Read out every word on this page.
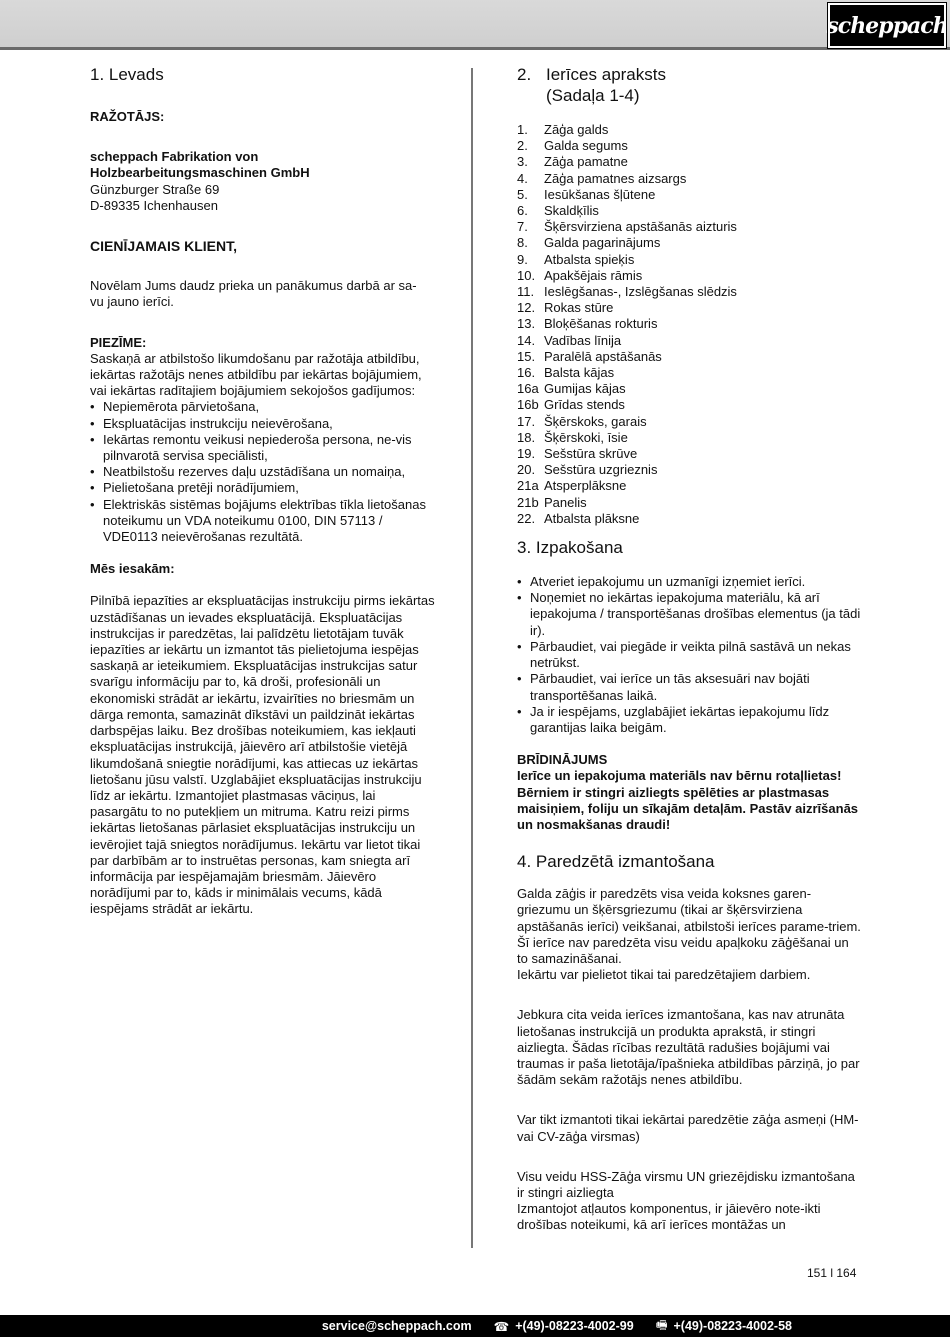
scheppach
1. Levads

RAŽOTĀJS:

scheppach Fabrikation von

Holzbearbeitungsmaschinen GmbH

Günzburger Straße 69

D-89335 Ichenhausen

CIENĪJAMAIS KLIENT,

Novēlam Jums daudz prieka un panākumus darbā ar sa-vu jauno ierīci.

PIEZĪME:

Saskaņā ar atbilstošo likumdošanu par ražotāja atbildību, iekārtas ražotājs nenes atbildību par iekārtas bojājumiem, vai iekārtas radītajiem bojājumiem sekojošos gadījumos:

• Nepiemērota pārvietošana,
• Ekspluatācijas instrukciju neievērošana,
• Iekārtas remontu veikusi nepiederoša persona, ne-vis pilnvarotā servisa speciālisti,
• Neatbilstošu rezerves daļu uzstādīšana un nomaiņa,
• Pielietošana pretēji norādījumiem,
• Elektriskās sistēmas bojājums elektrības tīkla lietošanas noteikumu un VDA noteikumu 0100, DIN 57113 / VDE0113 neievērošanas rezultātā.

Mēs iesakām:

Pilnībā iepazīties ar ekspluatācijas instrukciju pirms iekārtas uzstādīšanas un ievades ekspluatācijā. Ekspluatācijas instrukcijas ir paredzētas, lai palīdzētu lietotājam tuvāk iepazīties ar iekārtu un izmantot tās pielietojuma iespējas saskaņā ar ieteikumiem. Ekspluatācijas instrukcijas satur svarīgu informāciju par to, kā droši, profesionāli un ekonomiski strādāt ar iekārtu, izvairīties no briesmām un dārga remonta, samazināt dīkstāvi un paildzināt iekārtas darbspējas laiku. Bez drošības noteikumiem, kas iekļauti ekspluatācijas instrukcijā, jāievēro arī atbilstošie vietējā likumdošanā sniegtie norādījumi, kas attiecas uz iekārtas lietošanu jūsu valstī. Uzglabājiet ekspluatācijas instrukciju līdz ar iekārtu. Izmantojiet plastmasas vāciņus, lai pasargātu to no putekļiem un mitruma. Katru reizi pirms iekārtas lietošanas pārlasiet ekspluatācijas instrukciju un ievērojiet tajā sniegtos norādījumus. Iekārtu var lietot tikai par darbībām ar to instruētas personas, kam sniegta arī informācija par iespējamajām briesmām. Jāievēro norādījumi par to, kāds ir minimālais vecums, kādā iespējams strādāt ar iekārtu.

2. Ierīces apraksts
(Sadaļa 1-4)
1.	Zāģa galds
2.	Galda segums
3.	Zāģa pamatne
4.	Zāģa pamatnes aizsargs
5.	Iesūkšanas šļūtene
6.	Skaldķīlis
7.	Šķērsvirziena apstāšanās aizturis
8.	Galda pagarinājums
9.	Atbalsta spieķis
10. Apakšējais rāmis
11. Ieslēgšanas-, Izslēgšanas slēdzis
12. Rokas stūre
13. Bloķēšanas rokturis
14. Vadības līnija
15. Paralēlā apstāšanās
16. Balsta kājas
16a Gumijas kājas
16b Grīdas stends
17. Šķērskoks, garais
18. Šķērskoki, īsie
19. Sešstūra skrūve
20. Sešstūra uzgrieznis
21a Atsperplāksne
21b Panelis
22. Atbalsta plāksne
3. Izpakošana
• Atveriet iepakojumu un uzmanīgi izņemiet ierīci.
• Noņemiet no iekārtas iepakojuma materiālu, kā arī iepakojuma / transportēšanas drošības elementus (ja tādi ir).
• Pārbaudiet, vai piegāde ir veikta pilnā sastāvā un nekas netrūkst.
• Pārbaudiet, vai ierīce un tās aksesuāri nav bojāti transportēšanas laikā.
• Ja ir iespējams, uzglabājiet iekārtas iepakojumu līdz garantijas laika beigām.

BRĪDINĀJUMS

Ierīce un iepakojuma materiāls nav bērnu rotaļlietas! Bērniem ir stingri aizliegts spēlēties ar plastmasas maisiņiem, foliju un sīkajām detaļām. Pastāv aizrīšanās un nosmakšanas draudi!

4. Paredzētā izmantošana

Galda zāģis ir paredzēts visa veida koksnes garen-griezumu un šķērsgriezumu (tikai ar šķērsvirziena apstāšanās ierīci) veikšanai, atbilstoši ierīces parame-triem.

Šī ierīce nav paredzēta visu veidu apaļkoku zāģēšanai un to samazināšanai.

Iekārtu var pielietot tikai tai paredzētajiem darbiem.

Jebkura cita veida ierīces izmantošana, kas nav atrunāta lietošanas instrukcijā un produkta aprakstā, ir stingri aizliegta. Šādas rīcības rezultātā radušies bojājumi vai traumas ir paša lietotāja/īpašnieka atbildības pārziņā, jo par šādām sekām ražotājs nenes atbildību.

Var tikt izmantoti tikai iekārtai paredzētie zāģa asmeņi (HM- vai CV-zāģa virsmas)

Visu veidu HSS-Zāģa virsmu UN griezējdisku izmantošana ir stingri aizliegta

Izmantojot atļautos komponentus, ir jāievēro note-ikti drošības noteikumi, kā arī ierīces montāžas un

151 l 164
service@scheppach.com ☎ +(49)-08223-4002-99 🖷 +(49)-08223-4002-58
